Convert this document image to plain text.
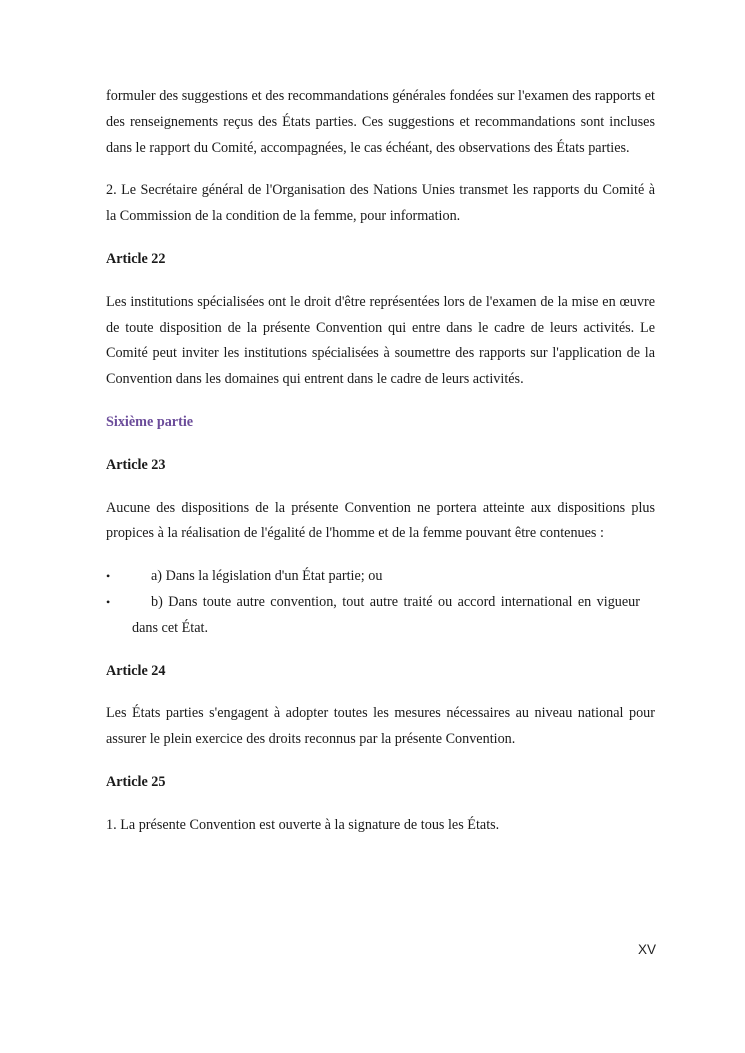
formuler des suggestions et des recommandations générales fondées sur l'examen des rapports et des renseignements reçus des États parties. Ces suggestions et recommandations sont incluses dans le rapport du Comité, accompagnées, le cas échéant, des observations des États parties.

2. Le Secrétaire général de l'Organisation des Nations Unies transmet les rapports du Comité à la Commission de la condition de la femme, pour information.

Article 22

Les institutions spécialisées ont le droit d'être représentées lors de l'examen de la mise en œuvre de toute disposition de la présente Convention qui entre dans le cadre de leurs activités. Le Comité peut inviter les institutions spécialisées à soumettre des rapports sur l'application de la Convention dans les domaines qui entrent dans le cadre de leurs activités.

Sixième partie
Article 23

Aucune des dispositions de la présente Convention ne portera atteinte aux dispositions plus propices à la réalisation de l'égalité de l'homme et de la femme pouvant être contenues :

•	a) Dans la législation d'un État partie; ou
•	b) Dans toute autre convention, tout autre traité ou accord international en vigueur dans cet État.
Article 24

Les États parties s'engagent à adopter toutes les mesures nécessaires au niveau national pour assurer le plein exercice des droits reconnus par la présente Convention.

Article 25

1. La présente Convention est ouverte à la signature de tous les États.

XV
